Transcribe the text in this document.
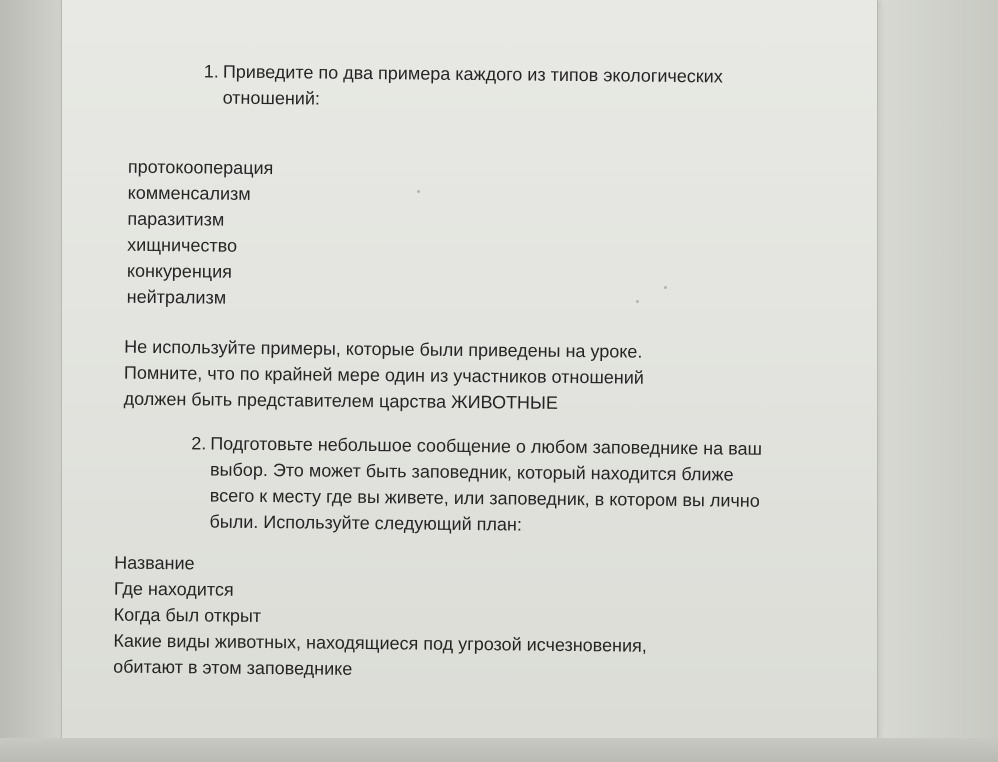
1. Приведите по два примера каждого из типов экологических отношений:
протокооперация
комменсализм
паразитизм
хищничество
конкуренция
нейтрализм
Не используйте примеры, которые были приведены на уроке. Помните, что по крайней мере один из участников отношений должен быть представителем царства ЖИВОТНЫЕ
2. Подготовьте небольшое сообщение о любом заповеднике на ваш выбор. Это может быть заповедник, который находится ближе всего к месту где вы живете, или заповедник, в котором вы лично были. Используйте следующий план:
Название
Где находится
Когда был открыт
Какие виды животных, находящиеся под угрозой исчезновения, обитают в этом заповеднике
